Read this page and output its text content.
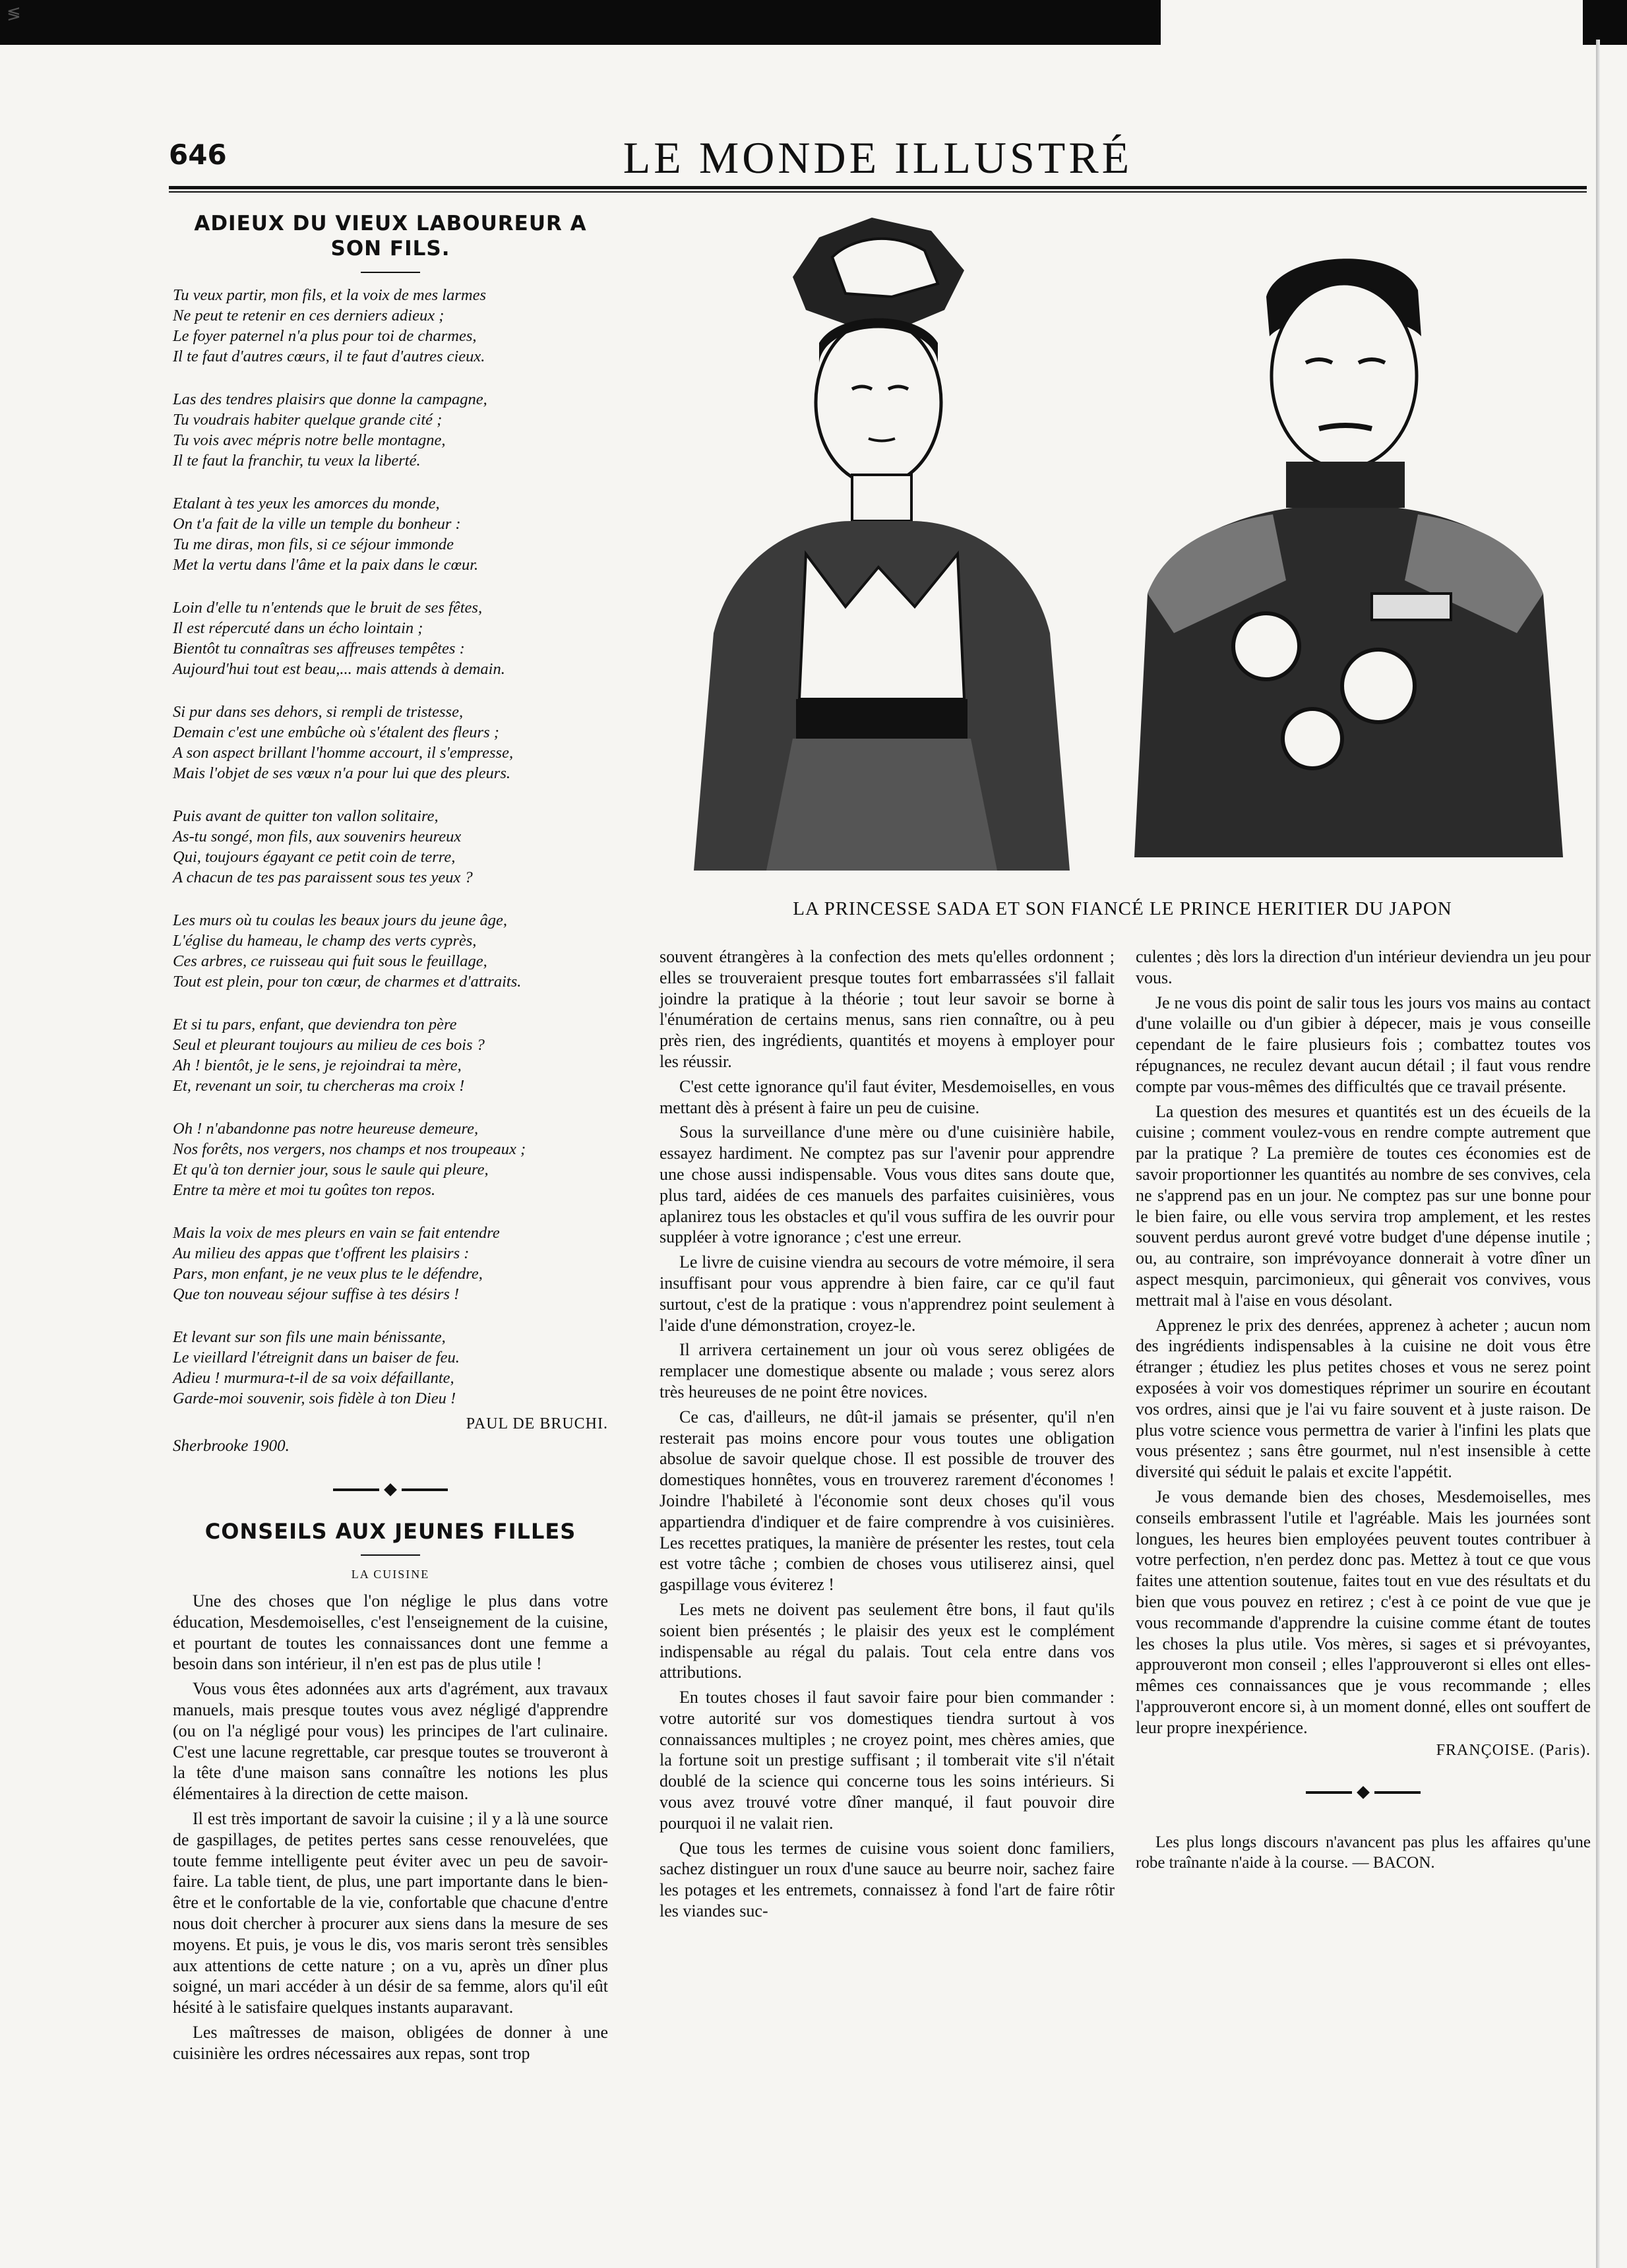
≶
646	LE MONDE ILLUSTRÉ
ADIEUX DU VIEUX LABOUREUR A SON FILS.
Tu veux partir, mon fils, et la voix de mes larmes
Ne peut te retenir en ces derniers adieux ;
Le foyer paternel n'a plus pour toi de charmes,
Il te faut d'autres cœurs, il te faut d'autres cieux.
Las des tendres plaisirs que donne la campagne,
Tu voudrais habiter quelque grande cité ;
Tu vois avec mépris notre belle montagne,
Il te faut la franchir, tu veux la liberté.
Etalant à tes yeux les amorces du monde,
On t'a fait de la ville un temple du bonheur :
Tu me diras, mon fils, si ce séjour immonde
Met la vertu dans l'âme et la paix dans le cœur.
Loin d'elle tu n'entends que le bruit de ses fêtes,
Il est répercuté dans un écho lointain ;
Bientôt tu connaîtras ses affreuses tempêtes :
Aujourd'hui tout est beau,... mais attends à demain.
Si pur dans ses dehors, si rempli de tristesse,
Demain c'est une embûche où s'étalent des fleurs ;
A son aspect brillant l'homme accourt, il s'empresse,
Mais l'objet de ses vœux n'a pour lui que des pleurs.
Puis avant de quitter ton vallon solitaire,
As-tu songé, mon fils, aux souvenirs heureux
Qui, toujours égayant ce petit coin de terre,
A chacun de tes pas paraissent sous tes yeux ?
Les murs où tu coulas les beaux jours du jeune âge,
L'église du hameau, le champ des verts cyprès,
Ces arbres, ce ruisseau qui fuit sous le feuillage,
Tout est plein, pour ton cœur, de charmes et d'attraits.
Et si tu pars, enfant, que deviendra ton père
Seul et pleurant toujours au milieu de ces bois ?
Ah ! bientôt, je le sens, je rejoindrai ta mère,
Et, revenant un soir, tu chercheras ma croix !
Oh ! n'abandonne pas notre heureuse demeure,
Nos forêts, nos vergers, nos champs et nos troupeaux ;
Et qu'à ton dernier jour, sous le saule qui pleure,
Entre ta mère et moi tu goûtes ton repos.
Mais la voix de mes pleurs en vain se fait entendre
Au milieu des appas que t'offrent les plaisirs :
Pars, mon enfant, je ne veux plus te le défendre,
Que ton nouveau séjour suffise à tes désirs !
Et levant sur son fils une main bénissante,
Le vieillard l'étreignit dans un baiser de feu.
Adieu ! murmura-t-il de sa voix défaillante,
Garde-moi souvenir, sois fidèle à ton Dieu !
PAUL DE BRUCHI.
Sherbrooke 1900.
CONSEILS AUX JEUNES FILLES
LA CUISINE
Une des choses que l'on néglige le plus dans votre éducation, Mesdemoiselles, c'est l'enseignement de la cuisine, et pourtant de toutes les connaissances dont une femme a besoin dans son intérieur, il n'en est pas de plus utile !
Vous vous êtes adonnées aux arts d'agrément, aux travaux manuels, mais presque toutes vous avez négligé d'apprendre (ou on l'a négligé pour vous) les principes de l'art culinaire. C'est une lacune regrettable, car presque toutes se trouveront à la tête d'une maison sans connaître les notions les plus élémentaires à la direction de cette maison.
Il est très important de savoir la cuisine ; il y a là une source de gaspillages, de petites pertes sans cesse renouvelées, que toute femme intelligente peut éviter avec un peu de savoir-faire. La table tient, de plus, une part importante dans le bien-être et le confortable de la vie, confortable que chacune d'entre nous doit chercher à procurer aux siens dans la mesure de ses moyens. Et puis, je vous le dis, vos maris seront très sensibles aux attentions de cette nature ; on a vu, après un dîner plus soigné, un mari accéder à un désir de sa femme, alors qu'il eût hésité à le satisfaire quelques instants auparavant.
Les maîtresses de maison, obligées de donner à une cuisinière les ordres nécessaires aux repas, sont trop
LA PRINCESSE SADA ET SON FIANCÉ LE PRINCE HERITIER DU JAPON
souvent étrangères à la confection des mets qu'elles ordonnent ; elles se trouveraient presque toutes fort embarrassées s'il fallait joindre la pratique à la théorie ; tout leur savoir se borne à l'énumération de certains menus, sans rien connaître, ou à peu près rien, des ingrédients, quantités et moyens à employer pour les réussir.
C'est cette ignorance qu'il faut éviter, Mesdemoiselles, en vous mettant dès à présent à faire un peu de cuisine.
Sous la surveillance d'une mère ou d'une cuisinière habile, essayez hardiment. Ne comptez pas sur l'avenir pour apprendre une chose aussi indispensable. Vous vous dites sans doute que, plus tard, aidées de ces manuels des parfaites cuisinières, vous aplanirez tous les obstacles et qu'il vous suffira de les ouvrir pour suppléer à votre ignorance ; c'est une erreur.
Le livre de cuisine viendra au secours de votre mémoire, il sera insuffisant pour vous apprendre à bien faire, car ce qu'il faut surtout, c'est de la pratique : vous n'apprendrez point seulement à l'aide d'une démonstration, croyez-le.
Il arrivera certainement un jour où vous serez obligées de remplacer une domestique absente ou malade ; vous serez alors très heureuses de ne point être novices.
Ce cas, d'ailleurs, ne dût-il jamais se présenter, qu'il n'en resterait pas moins encore pour vous toutes une obligation absolue de savoir quelque chose. Il est possible de trouver des domestiques honnêtes, vous en trouverez rarement d'économes ! Joindre l'habileté à l'économie sont deux choses qu'il vous appartiendra d'indiquer et de faire comprendre à vos cuisinières. Les recettes pratiques, la manière de présenter les restes, tout cela est votre tâche ; combien de choses vous utiliserez ainsi, quel gaspillage vous éviterez !
Les mets ne doivent pas seulement être bons, il faut qu'ils soient bien présentés ; le plaisir des yeux est le complément indispensable au régal du palais. Tout cela entre dans vos attributions.
En toutes choses il faut savoir faire pour bien commander : votre autorité sur vos domestiques tiendra surtout à vos connaissances multiples ; ne croyez point, mes chères amies, que la fortune soit un prestige suffisant ; il tomberait vite s'il n'était doublé de la science qui concerne tous les soins intérieurs. Si vous avez trouvé votre dîner manqué, il faut pouvoir dire pourquoi il ne valait rien.
Que tous les termes de cuisine vous soient donc familiers, sachez distinguer un roux d'une sauce au beurre noir, sachez faire les potages et les entremets, connaissez à fond l'art de faire rôtir les viandes suc-
culentes ; dès lors la direction d'un intérieur deviendra un jeu pour vous.
Je ne vous dis point de salir tous les jours vos mains au contact d'une volaille ou d'un gibier à dépecer, mais je vous conseille cependant de le faire plusieurs fois ; combattez toutes vos répugnances, ne reculez devant aucun détail ; il faut vous rendre compte par vous-mêmes des difficultés que ce travail présente.
La question des mesures et quantités est un des écueils de la cuisine ; comment voulez-vous en rendre compte autrement que par la pratique ? La première de toutes ces économies est de savoir proportionner les quantités au nombre de ses convives, cela ne s'apprend pas en un jour. Ne comptez pas sur une bonne pour le bien faire, ou elle vous servira trop amplement, et les restes souvent perdus auront grevé votre budget d'une dépense inutile ; ou, au contraire, son imprévoyance donnerait à votre dîner un aspect mesquin, parcimonieux, qui gênerait vos convives, vous mettrait mal à l'aise en vous désolant.
Apprenez le prix des denrées, apprenez à acheter ; aucun nom des ingrédients indispensables à la cuisine ne doit vous être étranger ; étudiez les plus petites choses et vous ne serez point exposées à voir vos domestiques réprimer un sourire en écoutant vos ordres, ainsi que je l'ai vu faire souvent et à juste raison. De plus votre science vous permettra de varier à l'infini les plats que vous présentez ; sans être gourmet, nul n'est insensible à cette diversité qui séduit le palais et excite l'appétit.
Je vous demande bien des choses, Mesdemoiselles, mes conseils embrassent l'utile et l'agréable. Mais les journées sont longues, les heures bien employées peuvent toutes contribuer à votre perfection, n'en perdez donc pas. Mettez à tout ce que vous faites une attention soutenue, faites tout en vue des résultats et du bien que vous pouvez en retirez ; c'est à ce point de vue que je vous recommande d'apprendre la cuisine comme étant de toutes les choses la plus utile. Vos mères, si sages et si prévoyantes, approuveront mon conseil ; elles l'approuveront si elles ont elles-mêmes ces connaissances que je vous recommande ; elles l'approuveront encore si, à un moment donné, elles ont souffert de leur propre inexpérience.
FRANÇOISE. (Paris).
Les plus longs discours n'avancent pas plus les affaires qu'une robe traînante n'aide à la course. — BACON.
